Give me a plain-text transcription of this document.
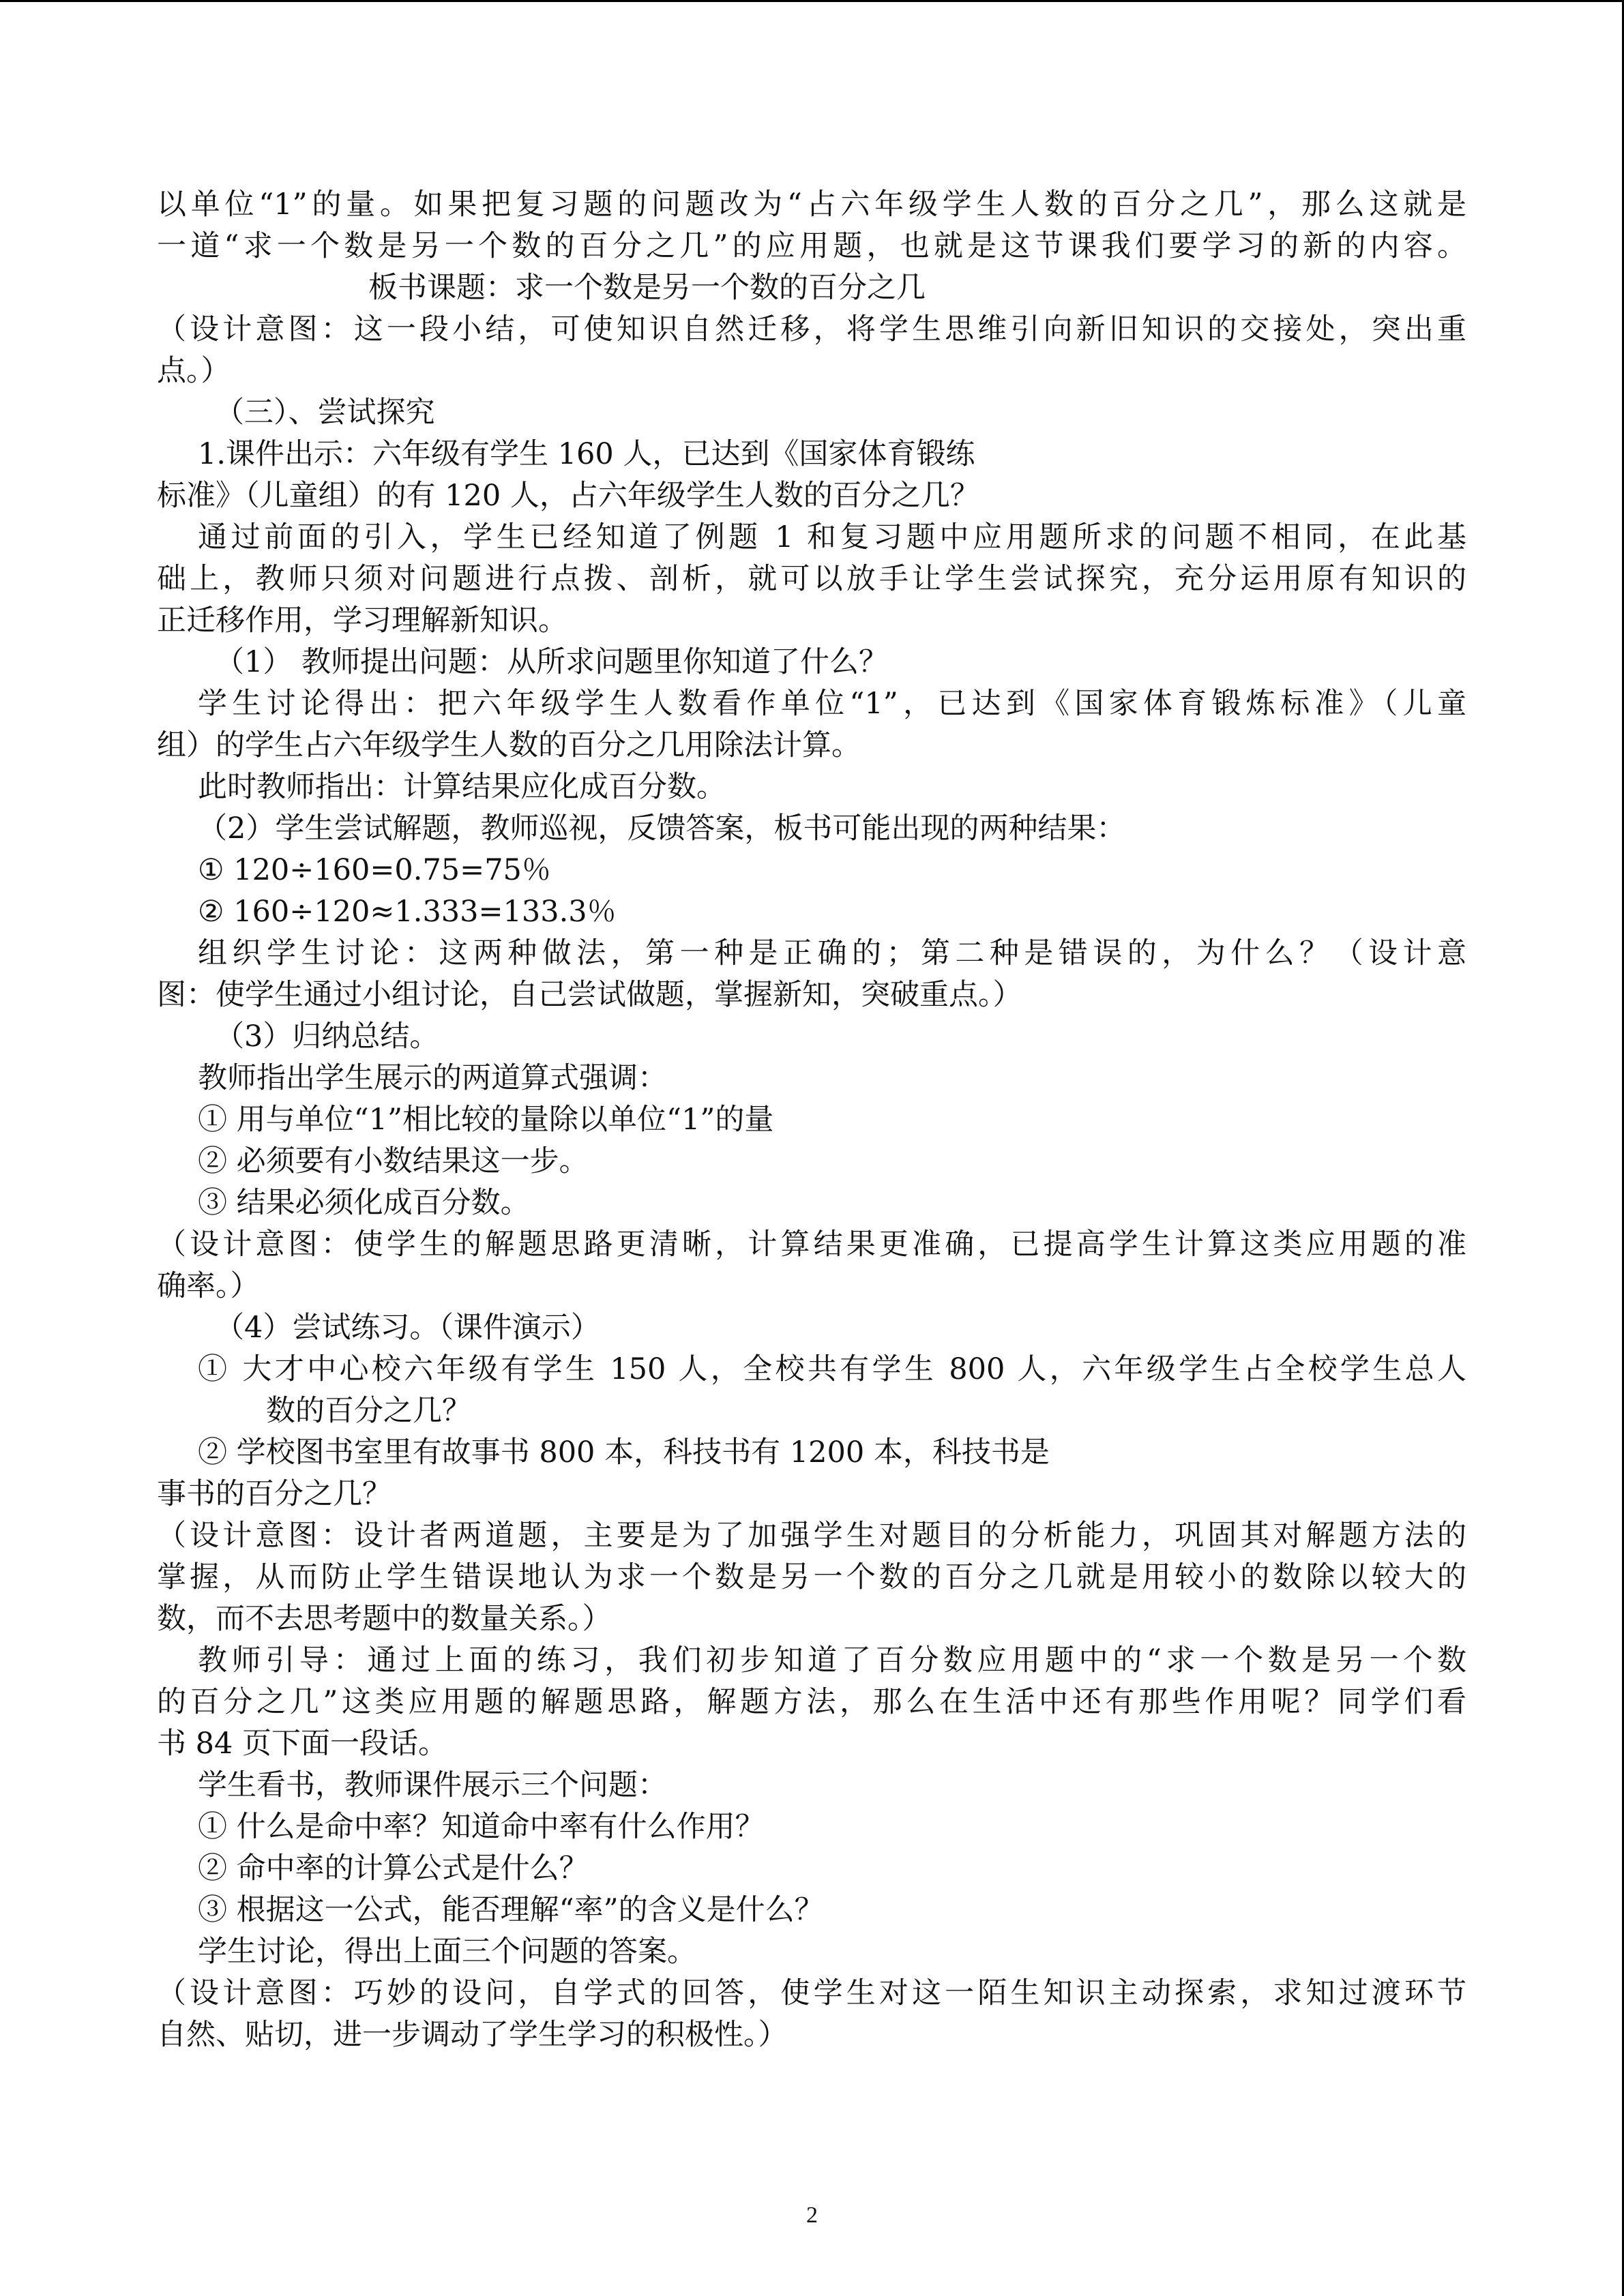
以单位“1”的量。如果把复习题的问题改为“占六年级学生人数的百分之几”，那么这就是
一道“求一个数是另一个数的百分之几”的应用题，也就是这节课我们要学习的新的内容。
板书课题：求一个数是另一个数的百分之几
（设计意图：这一段小结，可使知识自然迁移，将学生思维引向新旧知识的交接处，突出重
点。）
（三）、尝试探究
1.课件出示：六年级有学生 160 人，已达到《国家体育锻练
标准》（儿童组）的有 120 人，占六年级学生人数的百分之几？
通过前面的引入，学生已经知道了例题 1 和复习题中应用题所求的问题不相同，在此基
础上，教师只须对问题进行点拨、剖析，就可以放手让学生尝试探究，充分运用原有知识的
正迁移作用，学习理解新知识。
（1） 教师提出问题：从所求问题里你知道了什么？
学生讨论得出：把六年级学生人数看作单位“1”，已达到《国家体育锻炼标准》（儿童
组）的学生占六年级学生人数的百分之几用除法计算。
此时教师指出：计算结果应化成百分数。
（2）学生尝试解题，教师巡视，反馈答案，板书可能出现的两种结果：
① 120÷160=0.75=75％
② 160÷120≈1.333=133.3％
组织学生讨论：这两种做法，第一种是正确的；第二种是错误的，为什么？（设计意
图：使学生通过小组讨论，自己尝试做题，掌握新知，突破重点。）
（3）归纳总结。
教师指出学生展示的两道算式强调：
① 用与单位“1”相比较的量除以单位“1”的量
② 必须要有小数结果这一步。
③ 结果必须化成百分数。
（设计意图：使学生的解题思路更清晰，计算结果更准确，已提高学生计算这类应用题的准
确率。）
（4）尝试练习。（课件演示）
① 大才中心校六年级有学生 150 人，全校共有学生 800 人，六年级学生占全校学生总人
数的百分之几？
② 学校图书室里有故事书 800 本，科技书有 1200 本，科技书是
事书的百分之几？
（设计意图：设计者两道题，主要是为了加强学生对题目的分析能力，巩固其对解题方法的
掌握，从而防止学生错误地认为求一个数是另一个数的百分之几就是用较小的数除以较大的
数，而不去思考题中的数量关系。）
教师引导：通过上面的练习，我们初步知道了百分数应用题中的“求一个数是另一个数
的百分之几”这类应用题的解题思路，解题方法，那么在生活中还有那些作用呢？同学们看
书 84 页下面一段话。
学生看书，教师课件展示三个问题：
① 什么是命中率？知道命中率有什么作用？
② 命中率的计算公式是什么？
③ 根据这一公式，能否理解“率”的含义是什么？
学生讨论，得出上面三个问题的答案。
（设计意图：巧妙的设问，自学式的回答，使学生对这一陌生知识主动探索，求知过渡环节
自然、贴切，进一步调动了学生学习的积极性。）
2
